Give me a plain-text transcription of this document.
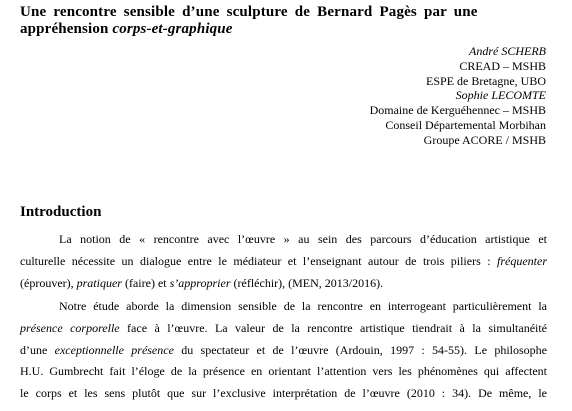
Une rencontre sensible d’une sculpture de Bernard Pagès par une
appréhension corps-et-graphique
André SCHERB
CREAD – MSHB
ESPE de Bretagne, UBO
Sophie LECOMTE
Domaine de Kerguéhennec – MSHB
Conseil Départemental Morbihan
Groupe ACORE / MSHB
Introduction
La notion de « rencontre avec l’œuvre » au sein des parcours d’éducation artistique et
culturelle nécessite un dialogue entre le médiateur et l’enseignant autour de trois piliers : fréquenter
(éprouver), pratiquer (faire) et s’approprier (réfléchir), (MEN, 2013/2016).
Notre étude aborde la dimension sensible de la rencontre en interrogeant particulièrement la
présence corporelle face à l’œuvre. La valeur de la rencontre artistique tiendrait à la simultanéité
d’une exceptionnelle présence du spectateur et de l’œuvre (Ardouin, 1997 : 54-55). Le philosophe
H.U. Gumbrecht fait l’éloge de la présence en orientant l’attention vers les phénomènes qui affectent
le corps et les sens plutôt que sur l’exclusive interprétation de l’œuvre (2010 : 34). De même, le
